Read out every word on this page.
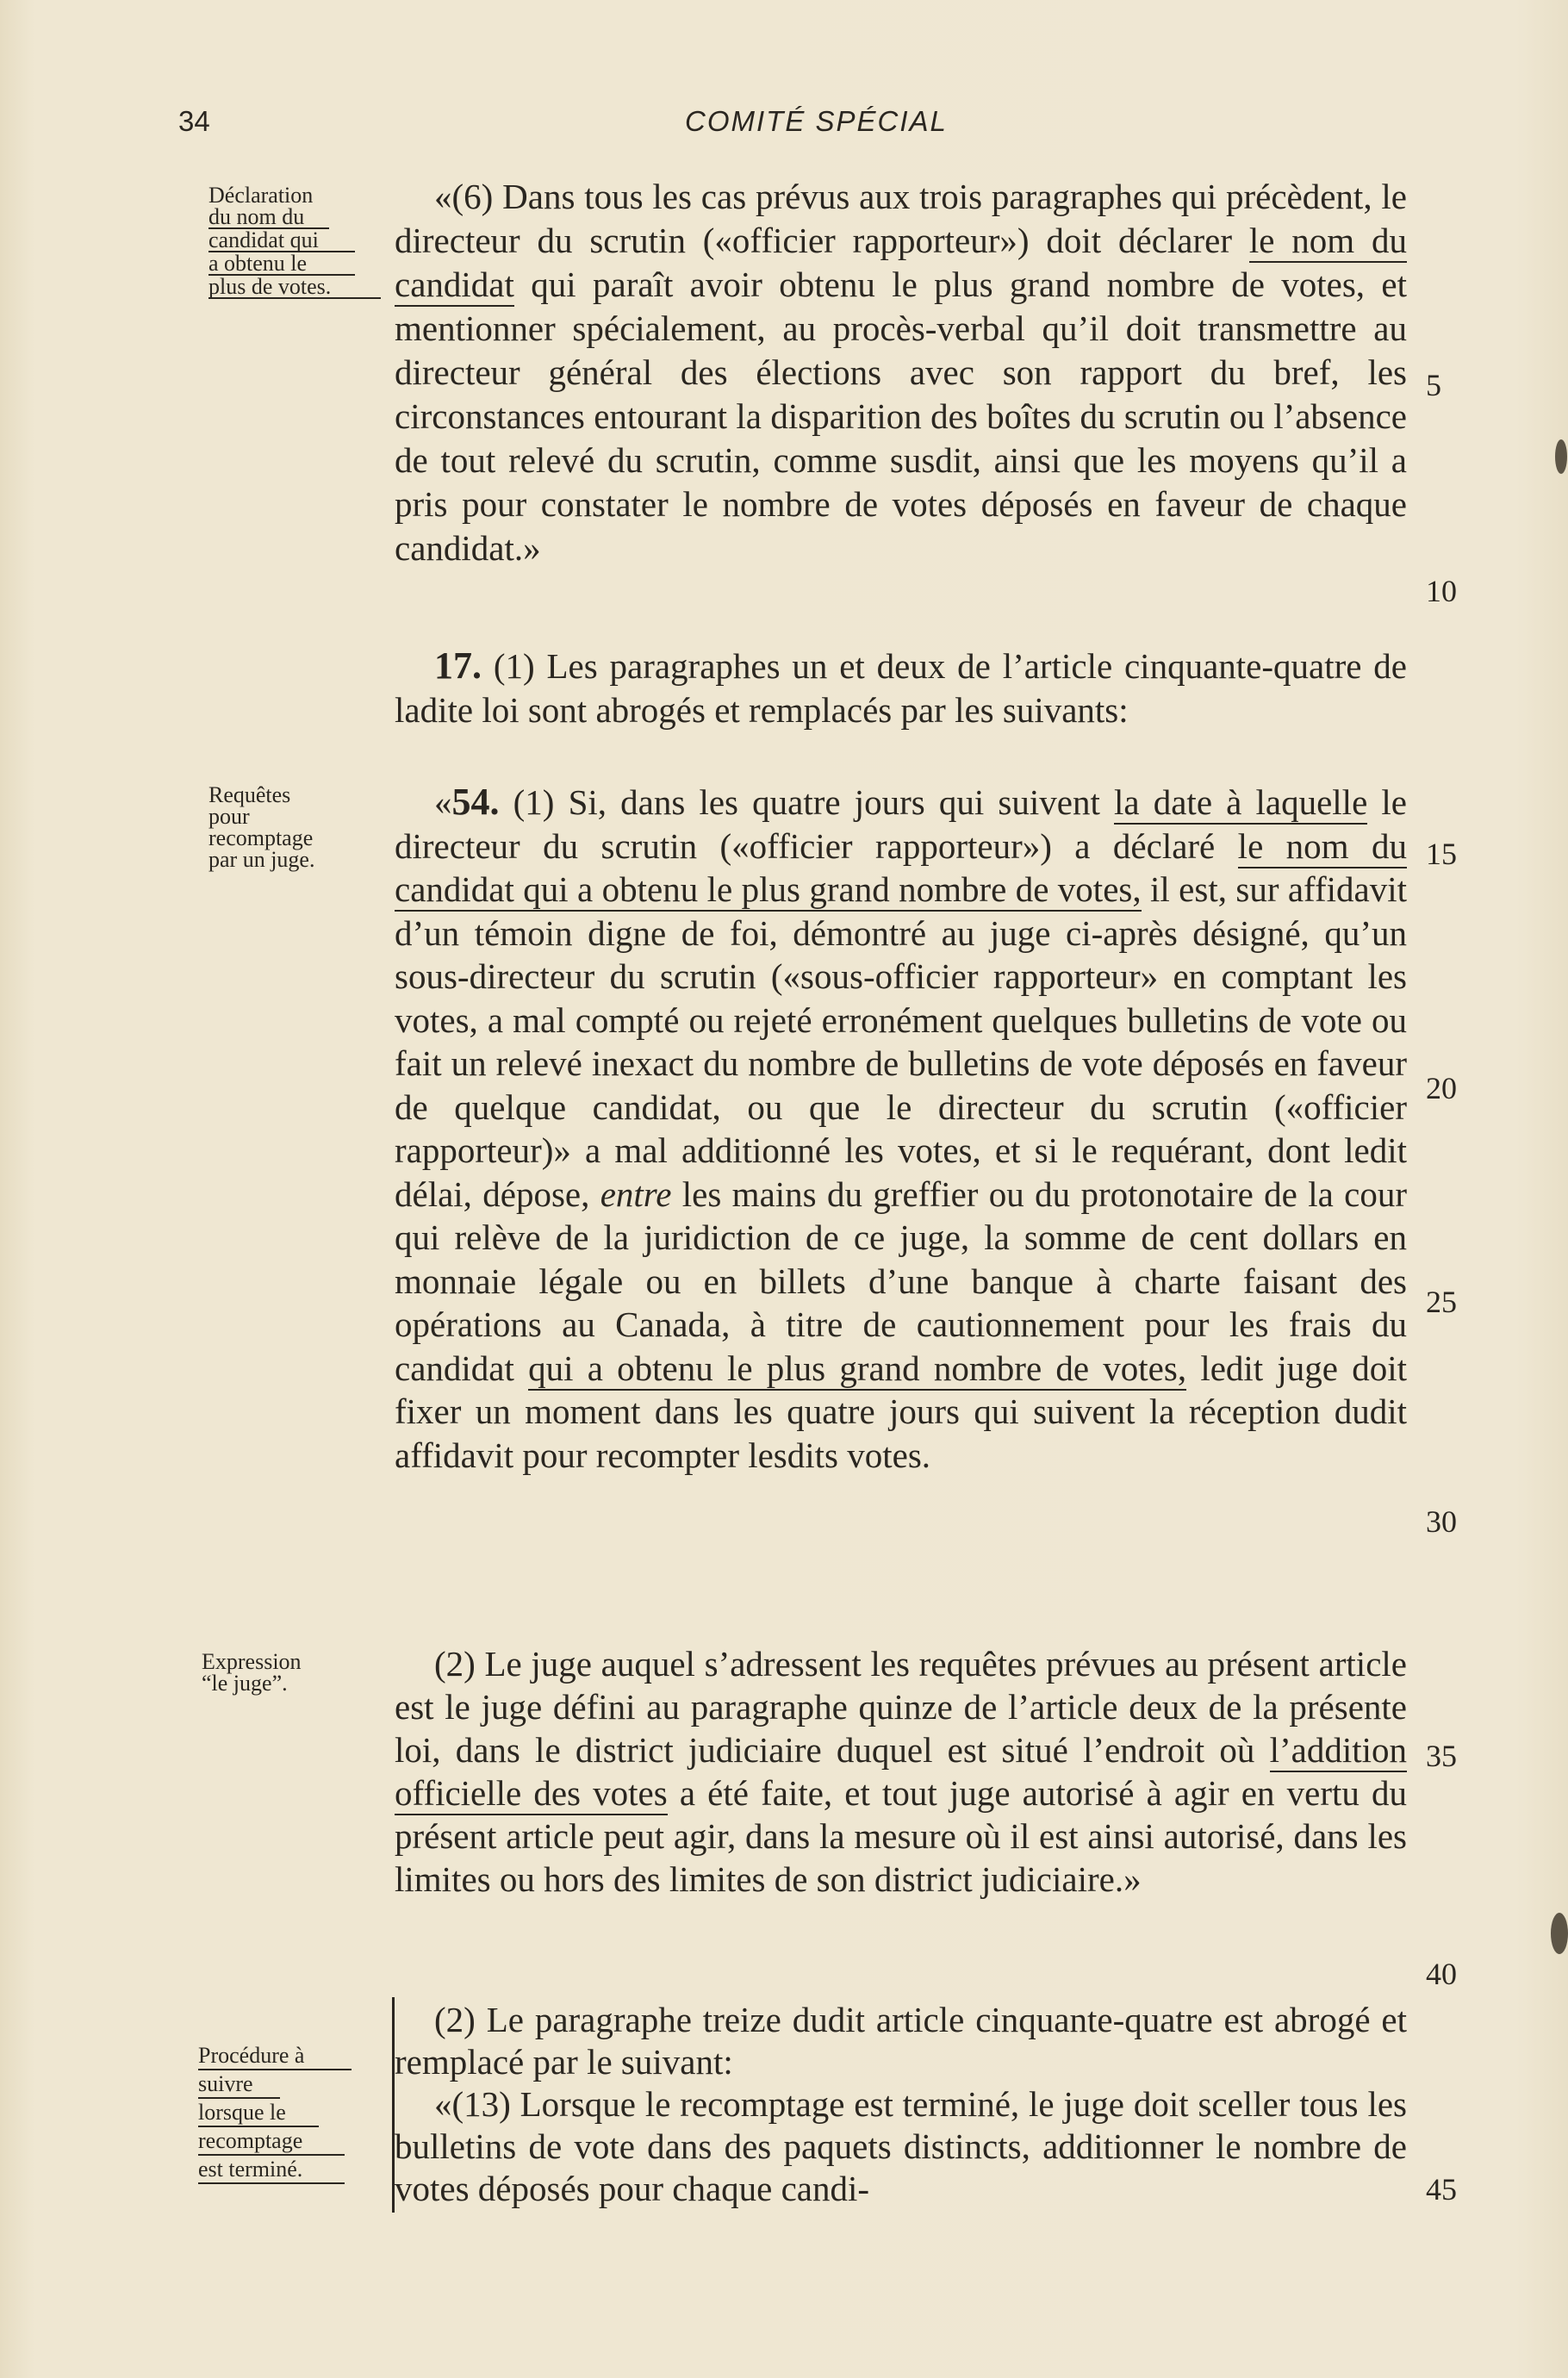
34	COMITÉ SPÉCIAL
Déclaration
du nom du
candidat qui
a obtenu le
plus de votes.
Requêtes
pour
recomptage
par un juge.
Expression
“le juge”.
Procédure à
suivre
lorsque le
recomptage
est terminé.

«(6) Dans tous les cas prévus aux trois paragraphes qui précèdent, le directeur du scrutin («officier rapporteur») doit déclarer le nom du candidat qui paraît avoir obtenu le plus grand nombre de votes, et mentionner spécialement, au procès-verbal qu’il doit transmettre au directeur général des élections avec son rapport du bref, les circonstances entourant la disparition des boîtes du scrutin ou l’absence de tout relevé du scrutin, comme susdit, ainsi que les moyens qu’il a pris pour constater le nombre de votes déposés en faveur de chaque candidat.»

17. (1) Les paragraphes un et deux de l’article cinquante-quatre de ladite loi sont abrogés et remplacés par les suivants:

«54. (1) Si, dans les quatre jours qui suivent la date à laquelle le directeur du scrutin («officier rapporteur») a déclaré le nom du candidat qui a obtenu le plus grand nombre de votes, il est, sur affidavit d’un témoin digne de foi, démontré au juge ci-après désigné, qu’un sous-directeur du scrutin («sous-officier rapporteur» en comptant les votes, a mal compté ou rejeté erronément quelques bulletins de vote ou fait un relevé inexact du nombre de bulletins de vote déposés en faveur de quelque candidat, ou que le directeur du scrutin («officier rapporteur)» a mal additionné les votes, et si le requérant, dont ledit délai, dépose, entre les mains du greffier ou du protonotaire de la cour qui relève de la juridiction de ce juge, la somme de cent dollars en monnaie légale ou en billets d’une banque à charte faisant des opérations au Canada, à titre de cautionnement pour les frais du candidat qui a obtenu le plus grand nombre de votes, ledit juge doit fixer un moment dans les quatre jours qui suivent la réception dudit affidavit pour recompter lesdits votes.

(2) Le juge auquel s’adressent les requêtes prévues au présent article est le juge défini au paragraphe quinze de l’article deux de la présente loi, dans le district judiciaire duquel est situé l’endroit où l’addition officielle des votes a été faite, et tout juge autorisé à agir en vertu du présent article peut agir, dans la mesure où il est ainsi autorisé, dans les limites ou hors des limites de son district judiciaire.»

(2) Le paragraphe treize dudit article cinquante-quatre est abrogé et remplacé par le suivant:

«(13) Lorsque le recomptage est terminé, le juge doit sceller tous les bulletins de vote dans des paquets distincts, additionner le nombre de votes déposés pour chaque candi-

5
10
15
20
25
30
35
40
45
